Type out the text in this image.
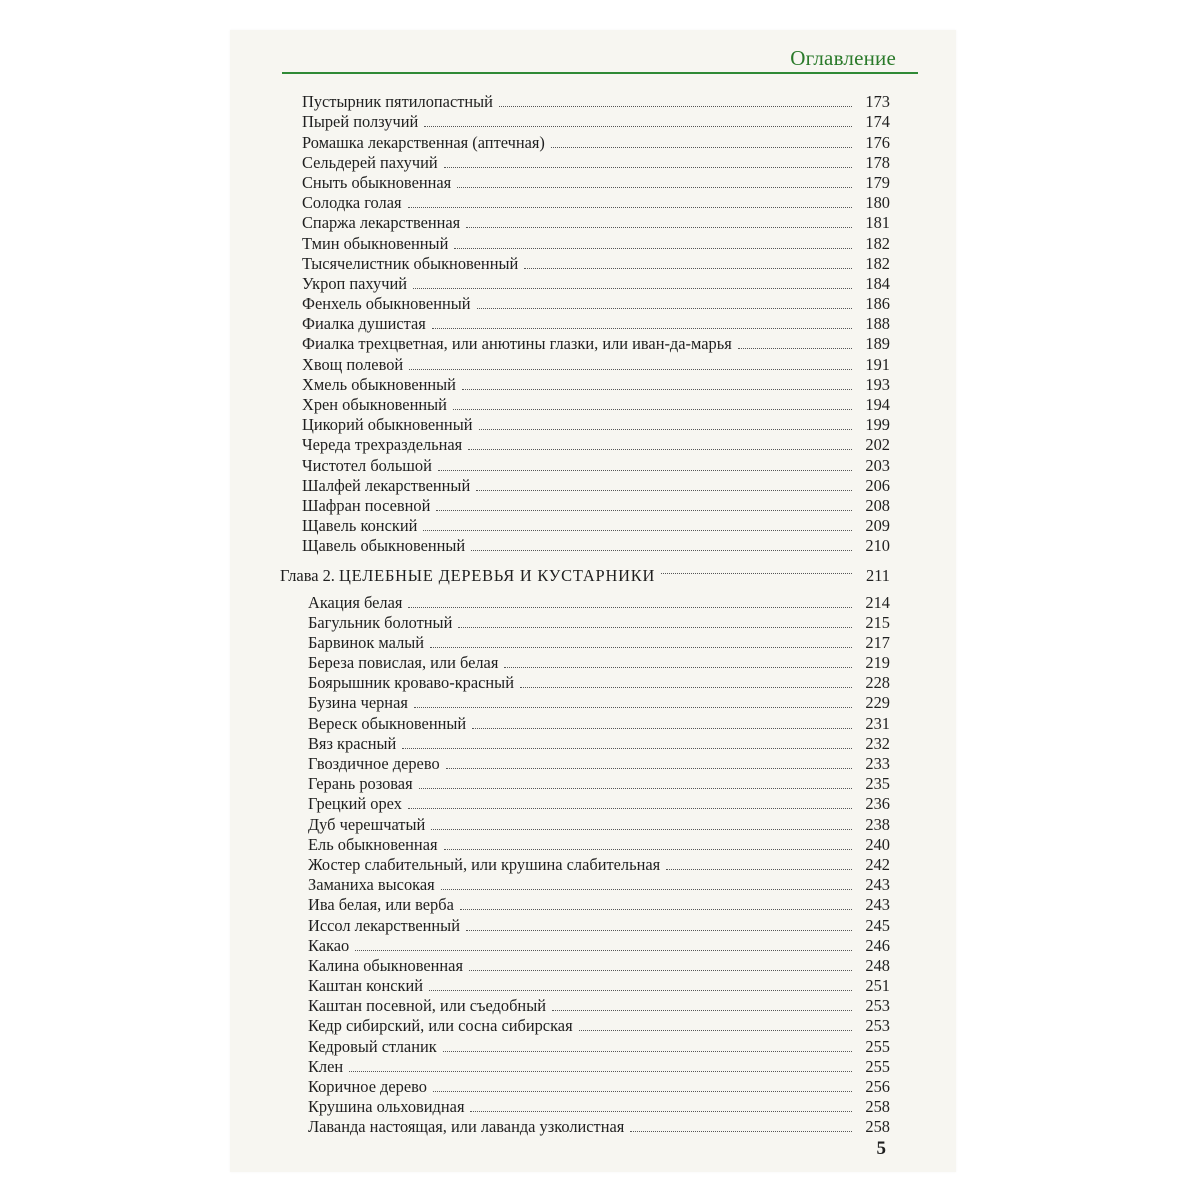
Оглавление
Пустырник пятилопастный	173
Пырей ползучий	174
Ромашка лекарственная (аптечная)	176
Сельдерей пахучий	178
Сныть обыкновенная	179
Солодка голая	180
Спаржа лекарственная	181
Тмин обыкновенный	182
Тысячелистник обыкновенный	182
Укроп пахучий	184
Фенхель обыкновенный	186
Фиалка душистая	188
Фиалка трехцветная, или анютины глазки, или иван-да-марья	189
Хвощ полевой	191
Хмель обыкновенный	193
Хрен обыкновенный	194
Цикорий обыкновенный	199
Череда трехраздельная	202
Чистотел большой	203
Шалфей лекарственный	206
Шафран посевной	208
Щавель конский	209
Щавель обыкновенный	210
Глава 2. ЦЕЛЕБНЫЕ ДЕРЕВЬЯ И КУСТАРНИКИ	211
Акация белая	214
Багульник болотный	215
Барвинок малый	217
Береза повислая, или белая	219
Боярышник кроваво-красный	228
Бузина черная	229
Вереск обыкновенный	231
Вяз красный	232
Гвоздичное дерево	233
Герань розовая	235
Грецкий орех	236
Дуб черешчатый	238
Ель обыкновенная	240
Жостер слабительный, или крушина слабительная	242
Заманиха высокая	243
Ива белая, или верба	243
Иссол лекарственный	245
Какао	246
Калина обыкновенная	248
Каштан конский	251
Каштан посевной, или съедобный	253
Кедр сибирский, или сосна сибирская	253
Кедровый стланик	255
Клен	255
Коричное дерево	256
Крушина ольховидная	258
Лаванда настоящая, или лаванда узколистная	258
5
